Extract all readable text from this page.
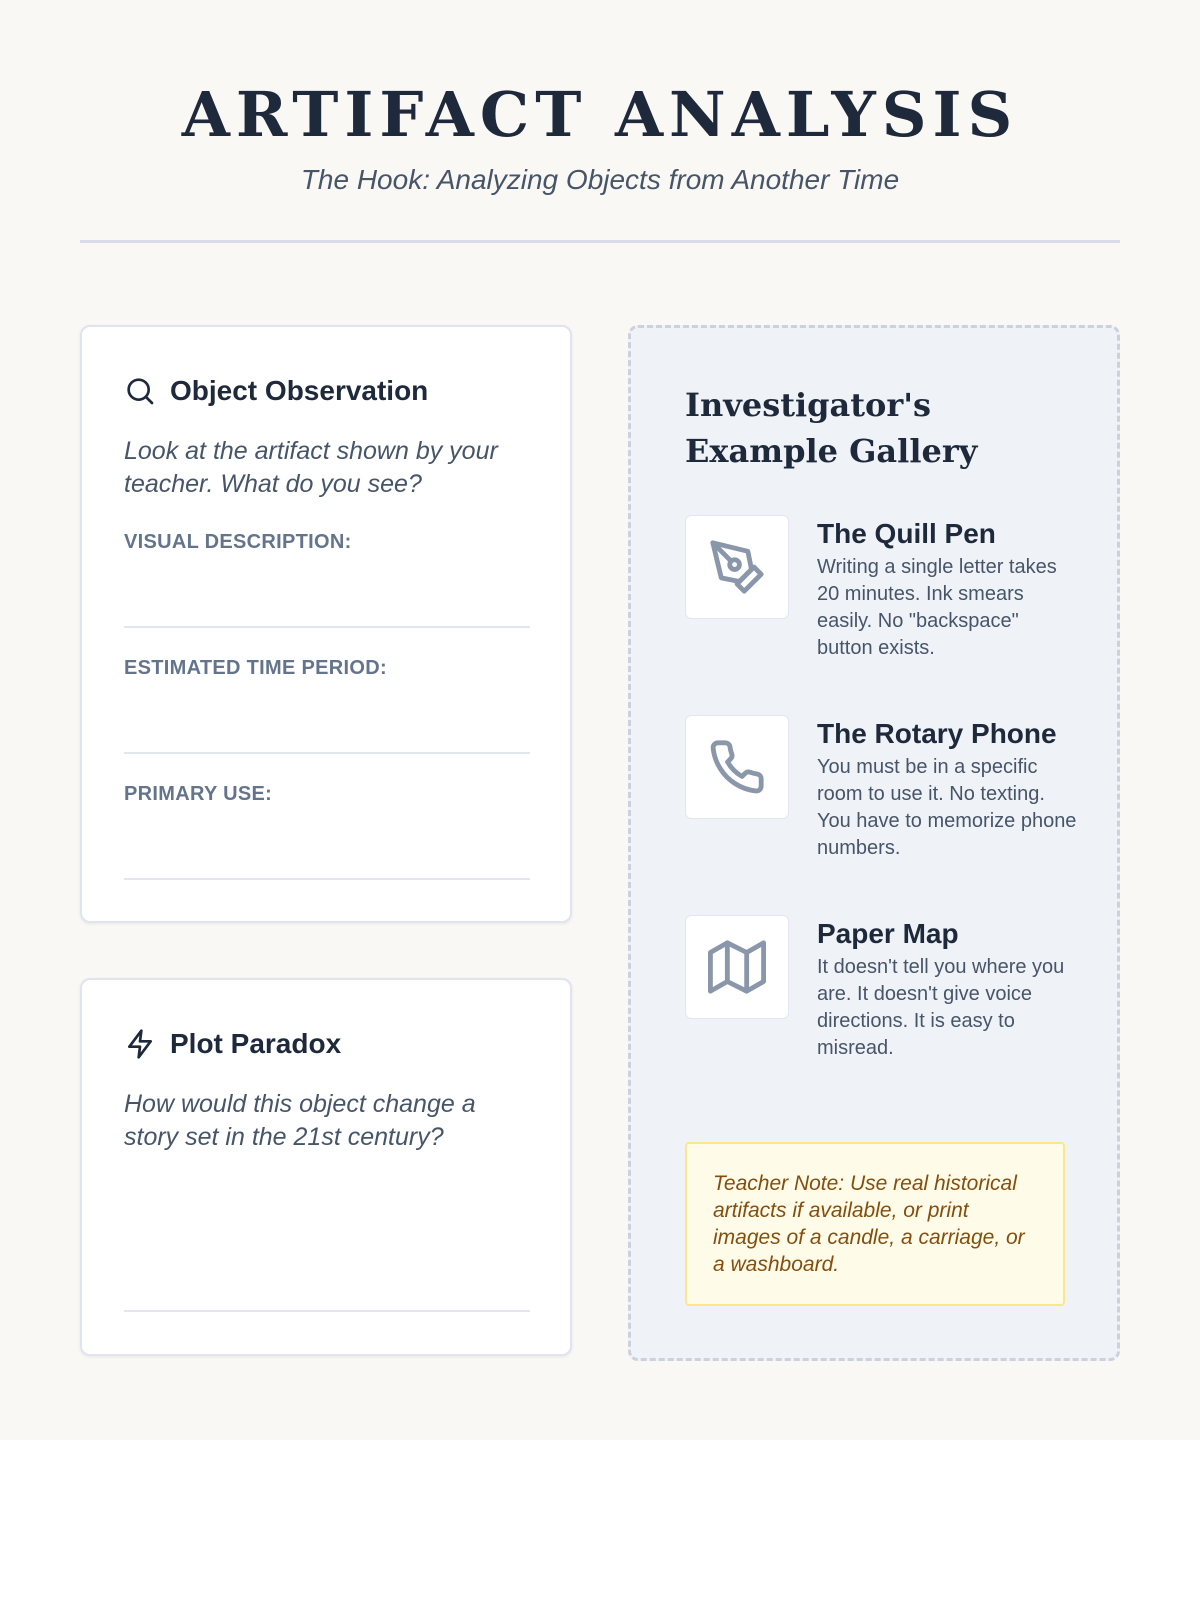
ARTIFACT ANALYSIS

The Hook: Analyzing Objects from Another Time

Object Observation

Look at the artifact shown by your teacher. What do you see?

VISUAL DESCRIPTION:
ESTIMATED TIME PERIOD:
PRIMARY USE:
Plot Paradox

How would this object change a story set in the 21st century?

Investigator's Example Gallery
The Quill Pen

Writing a single letter takes 20 minutes. Ink smears easily. No "backspace" button exists.

The Rotary Phone

You must be in a specific room to use it. No texting. You have to memorize phone numbers.

Paper Map

It doesn't tell you where you are. It doesn't give voice directions. It is easy to misread.

Teacher Note: Use real historical artifacts if available, or print images of a candle, a carriage, or a washboard.
